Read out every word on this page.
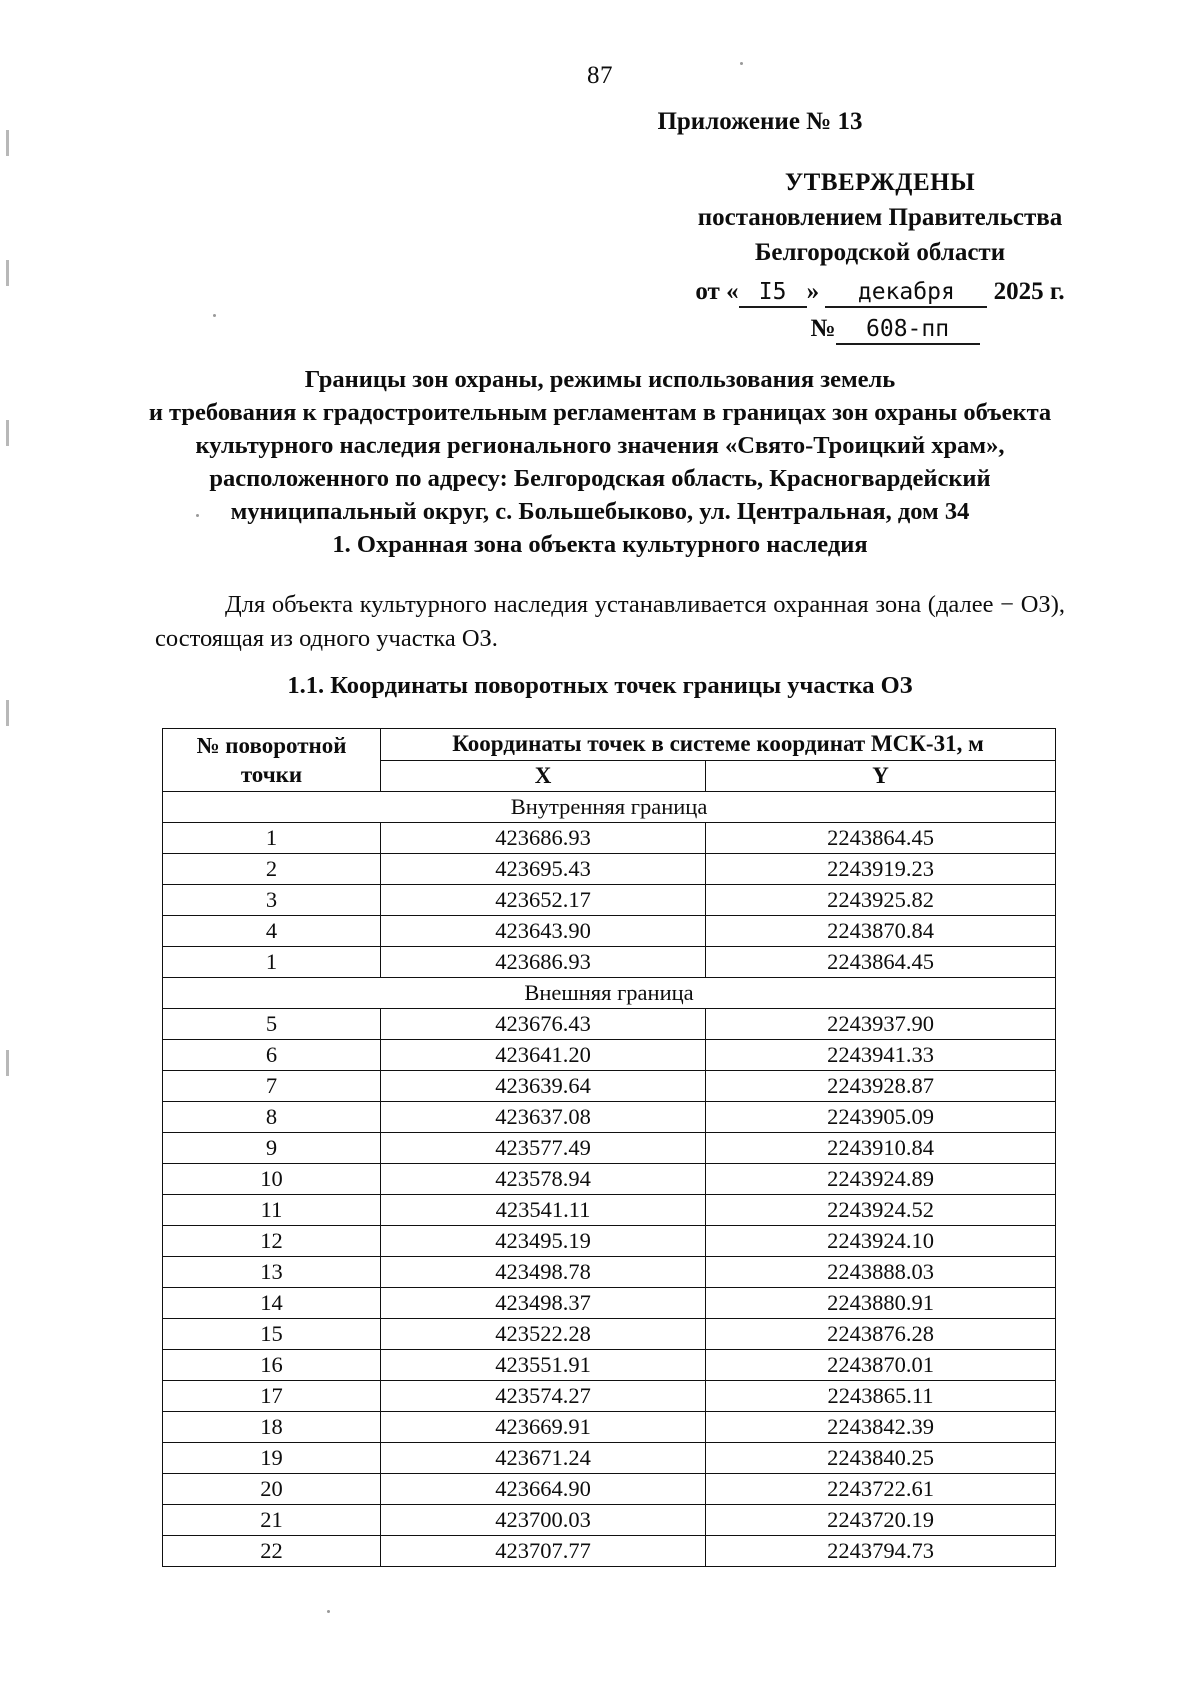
87
Приложение № 13
УТВЕРЖДЕНЫ
постановлением Правительства
Белгородской области
от « I5 » декабря 2025 г.
№ 608-пп
Границы зон охраны, режимы использования земель
и требования к градостроительным регламентам в границах зон охраны объекта
культурного наследия регионального значения «Свято-Троицкий храм»,
расположенного по адресу: Белгородская область, Красногвардейский
муниципальный округ, с. Большебыково, ул. Центральная, дом 34
1. Охранная зона объекта культурного наследия
Для объекта культурного наследия устанавливается охранная зона (далее − ОЗ), состоящая из одного участка ОЗ.
1.1. Координаты поворотных точек границы участка ОЗ
№ поворотной точки	Координаты точек в системе координат МСК-31, м	
	X	Y
Внутренняя граница		
1	423686.93	2243864.45
2	423695.43	2243919.23
3	423652.17	2243925.82
4	423643.90	2243870.84
1	423686.93	2243864.45
Внешняя граница		
5	423676.43	2243937.90
6	423641.20	2243941.33
7	423639.64	2243928.87
8	423637.08	2243905.09
9	423577.49	2243910.84
10	423578.94	2243924.89
11	423541.11	2243924.52
12	423495.19	2243924.10
13	423498.78	2243888.03
14	423498.37	2243880.91
15	423522.28	2243876.28
16	423551.91	2243870.01
17	423574.27	2243865.11
18	423669.91	2243842.39
19	423671.24	2243840.25
20	423664.90	2243722.61
21	423700.03	2243720.19
22	423707.77	2243794.73
